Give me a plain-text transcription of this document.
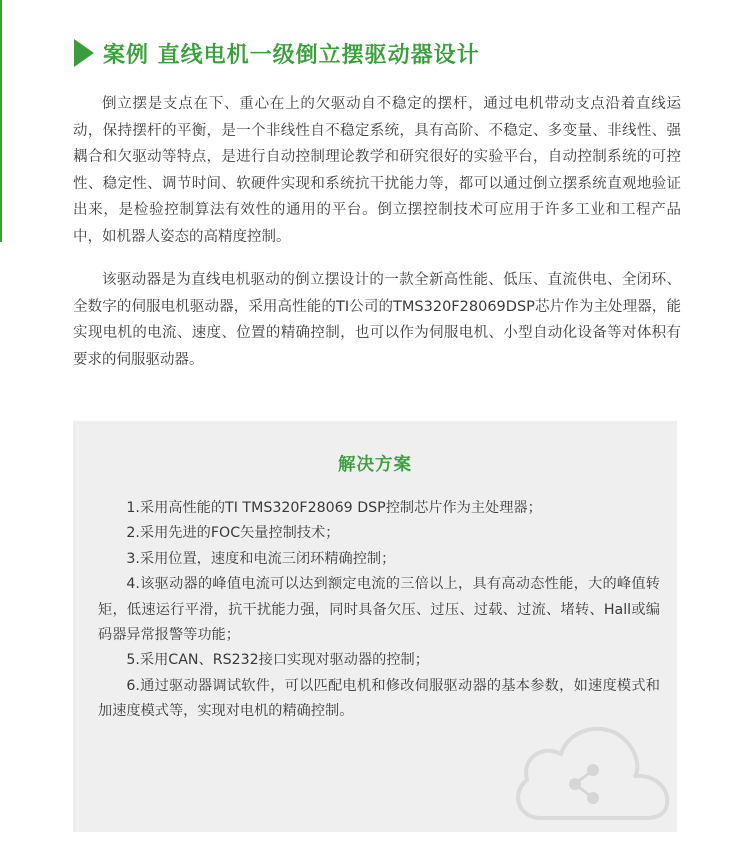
案例 直线电机一级倒立摆驱动器设计

倒立摆是支点在下、重心在上的欠驱动自不稳定的摆杆，通过电机带动支点沿着直线运动，保持摆杆的平衡，是一个非线性自不稳定系统，具有高阶、不稳定、多变量、非线性、强耦合和欠驱动等特点，是进行自动控制理论教学和研究很好的实验平台，自动控制系统的可控性、稳定性、调节时间、软硬件实现和系统抗干扰能力等，都可以通过倒立摆系统直观地验证出来，是检验控制算法有效性的通用的平台。倒立摆控制技术可应用于许多工业和工程产品中，如机器人姿态的高精度控制。

该驱动器是为直线电机驱动的倒立摆设计的一款全新高性能、低压、直流供电、全闭环、全数字的伺服电机驱动器，采用高性能的TI公司的TMS320F28069DSP芯片作为主处理器，能实现电机的电流、速度、位置的精确控制，也可以作为伺服电机、小型自动化设备等对体积有要求的伺服驱动器。

解决方案
1.采用高性能的TI TMS320F28069 DSP控制芯片作为主处理器；
2.采用先进的FOC矢量控制技术；
3.采用位置，速度和电流三闭环精确控制；
4.该驱动器的峰值电流可以达到额定电流的三倍以上，具有高动态性能，大的峰值转矩，低速运行平滑，抗干扰能力强，同时具备欠压、过压、过载、过流、堵转、Hall或编码器异常报警等功能；
5.采用CAN、RS232接口实现对驱动器的控制；
6.通过驱动器调试软件，可以匹配电机和修改伺服驱动器的基本参数，如速度模式和加速度模式等，实现对电机的精确控制。
